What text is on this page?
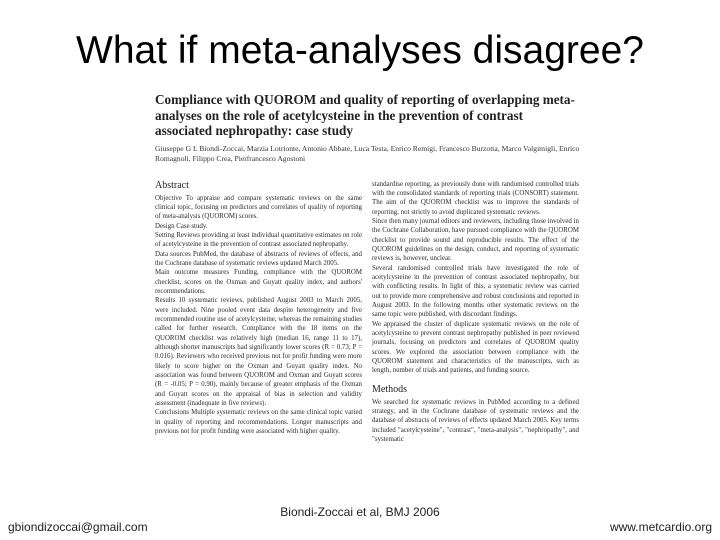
What if meta-analyses disagree?
Compliance with QUOROM and quality of reporting of overlapping meta-analyses on the role of acetylcysteine in the prevention of contrast associated nephropathy: case study
Giuseppe G L Biondi-Zoccai, Marzia Lotrionte, Antonio Abbate, Luca Testa, Enrico Remigi, Francesco Burzotta, Marco Valgimigli, Enrico Romagnoli, Filippo Crea, Pierfrancesco Agostoni
Abstract

Objective To appraise and compare systematic reviews on the same clinical topic, focusing on predictors and correlates of quality of reporting of meta-analysis (QUOROM) scores.

Design Case study.

Setting Reviews providing at least individual quantitative estimates on role of acetylcysteine in the prevention of contrast associated nephropathy.

Data sources PubMed, the database of abstracts of reviews of effects, and the Cochrane database of systematic reviews updated March 2005.

Main outcome measures Funding, compliance with the QUOROM checklist, scores on the Oxman and Guyatt quality index, and authors' recommendations.

Results 10 systematic reviews, published August 2003 to March 2005, were included. Nine pooled event data despite heterogeneity and five recommended routine use of acetylcysteine, whereas the remaining studies called for further research. Compliance with the 18 items on the QUOROM checklist was relatively high (median 16, range 11 to 17), although shorter manuscripts had significantly lower scores (R = 0.73; P = 0.016). Reviewers who received previous not for profit funding were more likely to score higher on the Oxman and Guyatt quality index. No association was found between QUOROM and Oxman and Guyatt scores (R = -0.05; P = 0.90), mainly because of greater emphasis of the Oxman and Guyatt scores on the appraisal of bias in selection and validity assessment (inadequate in five reviews).

Conclusions Multiple systematic reviews on the same clinical topic varied in quality of reporting and recommendations. Longer manuscripts and previous not for profit funding were associated with higher quality.

standardise reporting, as previously done with randomised controlled trials with the consolidated standards of reporting trials (CONSORT) statement. The aim of the QUOROM checklist was to improve the standards of reporting, not strictly to avoid duplicated systematic reviews.

Since then many journal editors and reviewers, including those involved in the Cochrane Collaboration, have pursued compliance with the QUOROM checklist to provide sound and reproducible results. The effect of the QUOROM guidelines on the design, conduct, and reporting of systematic reviews is, however, unclear.

Several randomised controlled trials have investigated the role of acetylcysteine in the prevention of contrast associated nephropathy, but with conflicting results. In light of this, a systematic review was carried out to provide more comprehensive and robust conclusions and reported in August 2003. In the following months other systematic reviews on the same topic were published, with discordant findings.

We appraised the cluster of duplicate systematic reviews on the role of acetylcysteine to prevent contrast nephropathy published in peer reviewed journals, focusing on predictors and correlates of QUOROM quality scores. We explored the association between compliance with the QUOROM statement and characteristics of the manuscripts, such as length, number of trials and patients, and funding source.

Methods

We searched for systematic reviews in PubMed according to a defined strategy, and in the Cochrane database of systematic reviews and the database of abstracts of reviews of effects updated March 2005. Key terms included "acetylcysteine", "contrast", "meta-analysis", "nephropathy", and "systematic

Biondi-Zoccai et al, BMJ 2006
gbiondizoccai@gmail.com	www.metcardio.org
